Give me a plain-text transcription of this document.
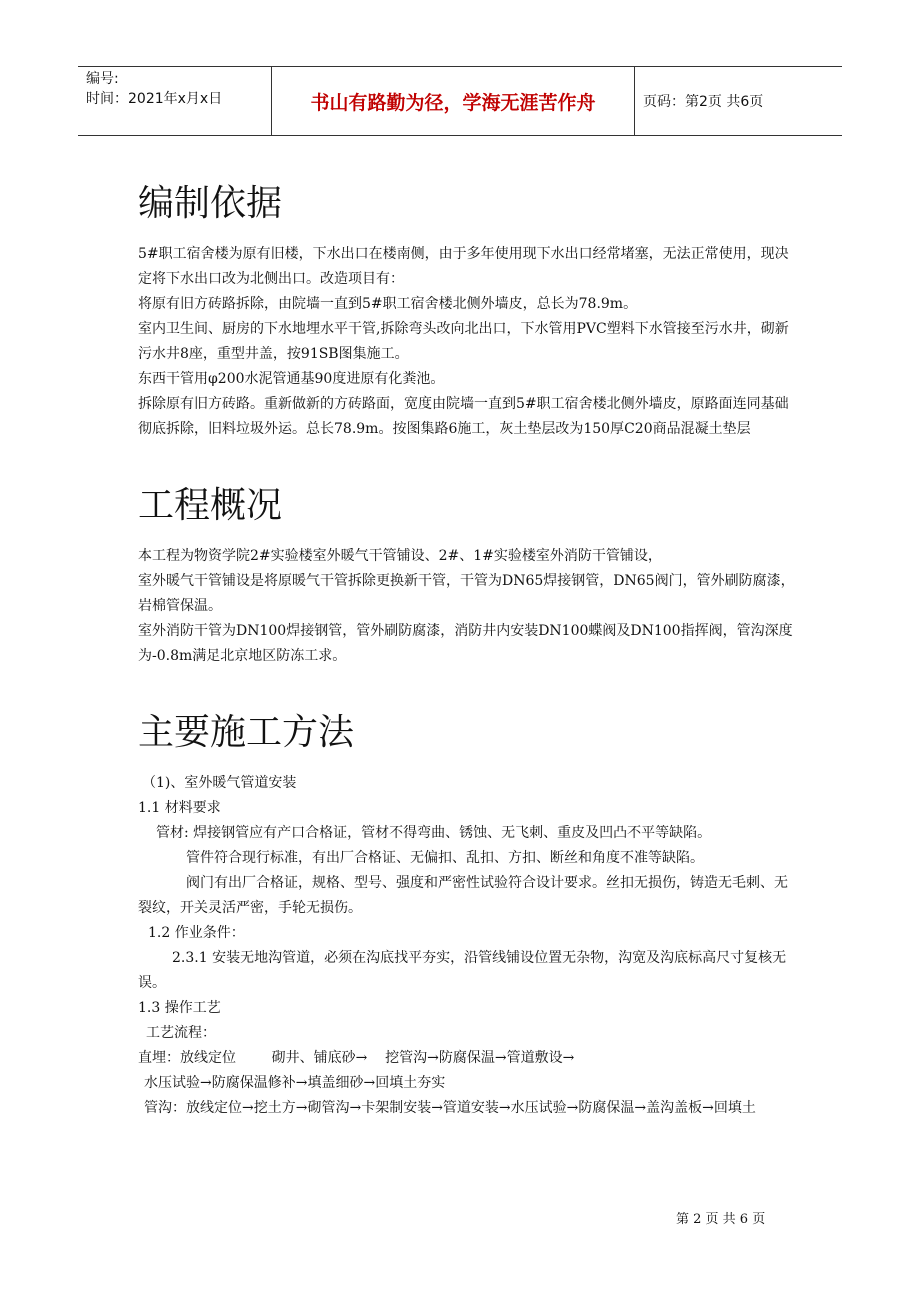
编号:
时间：2021年x月x日	书山有路勤为径，学海无涯苦作舟	页码：第2页 共6页
编制依据

5#职工宿舍楼为原有旧楼，下水出口在楼南侧，由于多年使用现下水出口经常堵塞，无法正常使用，现决定将下水出口改为北侧出口。改造项目有：

将原有旧方砖路拆除，由院墙一直到5#职工宿舍楼北侧外墙皮，总长为78.9m。

室内卫生间、厨房的下水地埋水平干管,拆除弯头改向北出口，下水管用PVC塑料下水管接至污水井，砌新污水井8座，重型井盖，按91SB图集施工。

东西干管用φ200水泥管通基90度进原有化粪池。

拆除原有旧方砖路。重新做新的方砖路面，宽度由院墙一直到5#职工宿舍楼北侧外墙皮，原路面连同基础彻底拆除，旧料垃圾外运。总长78.9m。按图集路6施工，灰土垫层改为150厚C20商品混凝土垫层

工程概况

本工程为物资学院2#实验楼室外暖气干管铺设、2#、1#实验楼室外消防干管铺设，

室外暖气干管铺设是将原暖气干管拆除更换新干管，干管为DN65焊接钢管，DN65阀门，管外刷防腐漆，岩棉管保温。

室外消防干管为DN100焊接钢管，管外刷防腐漆，消防井内安装DN100蝶阀及DN100指挥阀，管沟深度为-0.8m满足北京地区防冻工求。

主要施工方法

（1)、室外暖气管道安装

1.1 材料要求

管材: 焊接钢管应有产口合格证，管材不得弯曲、锈蚀、无飞刺、重皮及凹凸不平等缺陷。

管件符合现行标准，有出厂合格证、无偏扣、乱扣、方扣、断丝和角度不准等缺陷。

阀门有出厂合格证，规格、型号、强度和严密性试验符合设计要求。丝扣无损伤，铸造无毛刺、无裂纹，开关灵活严密，手轮无损伤。

1.2 作业条件：

2.3.1 安装无地沟管道，必须在沟底找平夯实，沿管线铺设位置无杂物，沟宽及沟底标高尺寸复核无误。

1.3 操作工艺

工艺流程：

直埋：放线定位        砌井、铺底砂→    挖管沟→防腐保温→管道敷设→

水压试验→防腐保温修补→填盖细砂→回填土夯实

管沟：放线定位→挖土方→砌管沟→卡架制安装→管道安装→水压试验→防腐保温→盖沟盖板→回填土

第 2 页 共 6 页
